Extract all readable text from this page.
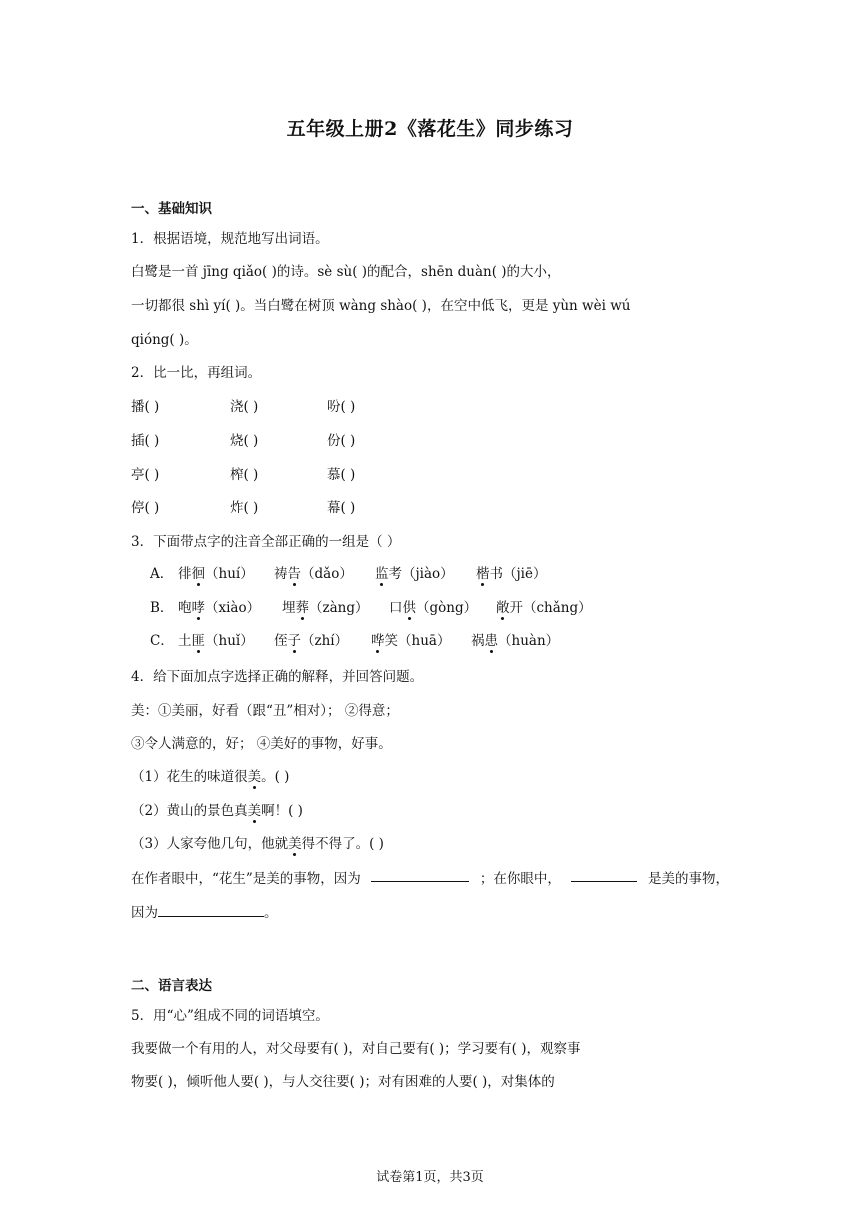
五年级上册2《落花生》同步练习
一、基础知识
1．根据语境，规范地写出词语。
白鹭是一首 jīng qiǎo( )的诗。sè sù( )的配合，shēn duàn( )的大小，
一切都很 shì yí( )。当白鹭在树顶 wàng shào( )，在空中低飞，更是 yùn wèi wú
qióng( )。
2．比一比，再组词。
播( )	浇( )	吩( )
插( )	烧( )	份( )
亭( )	榨( )	慕( )
停( )	炸( )	幕( )
3．下面带点字的注音全部正确的一组是（ ）
A． 徘徊（huí） 祷告（dǎo） 监考（jiào） 楷书（jiē）
B． 咆哮（xiào） 埋葬（zàng） 口供（gòng） 敞开（chǎng）
C． 土匪（huǐ） 侄子（zhí） 哗笑（huā） 祸患（huàn）
4．给下面加点字选择正确的解释，并回答问题。
美：①美丽，好看（跟“丑”相对）； ②得意；
③令人满意的，好； ④美好的事物，好事。
（1）花生的味道很美。( )
（2）黄山的景色真美啊！( )
（3）人家夸他几句，他就美得不得了。( )
在作者眼中，“花生”是美的事物，因为	；在你眼中，	是美的事物，
因为	。
二、语言表达
5．用“心”组成不同的词语填空。
我要做一个有用的人，对父母要有( )，对自己要有( )；学习要有( )，观察事
物要( )，倾听他人要( )，与人交往要( )；对有困难的人要( )，对集体的
试卷第1页，共3页
